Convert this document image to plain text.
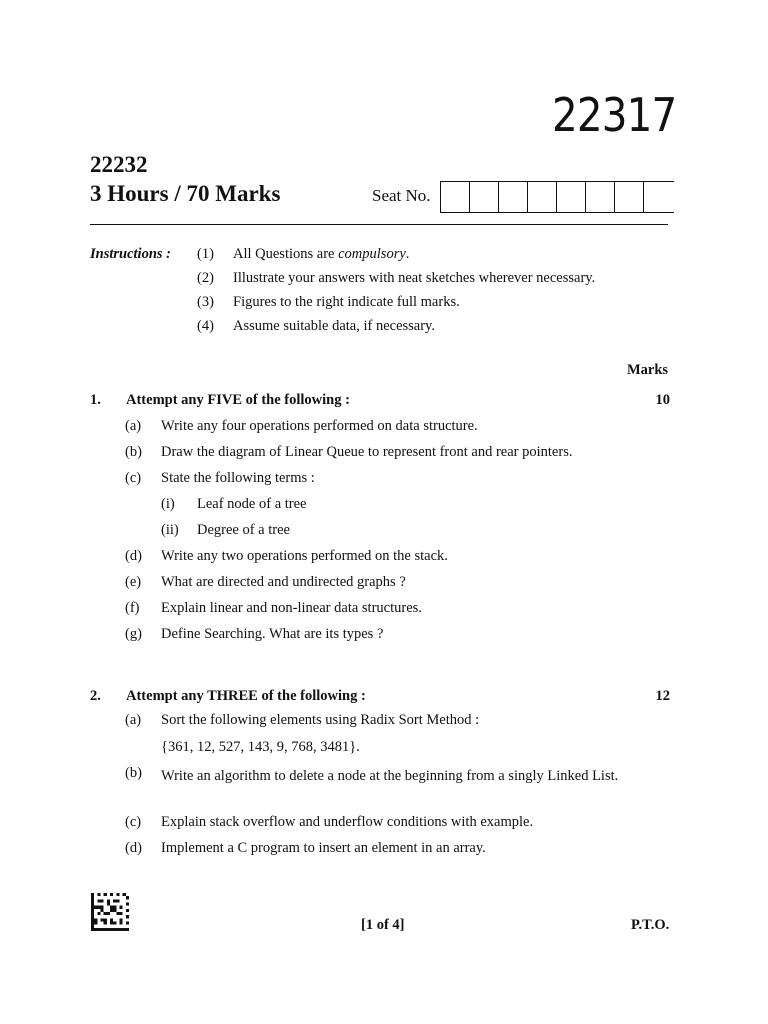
22317
22232
3 Hours / 70 Marks	Seat No.
Instructions : (1) All Questions are compulsory.
(2) Illustrate your answers with neat sketches wherever necessary.
(3) Figures to the right indicate full marks.
(4) Assume suitable data, if necessary.
Marks
1. Attempt any FIVE of the following :	10
(a) Write any four operations performed on data structure.
(b) Draw the diagram of Linear Queue to represent front and rear pointers.
(c) State the following terms :
(i) Leaf node of a tree
(ii) Degree of a tree
(d) Write any two operations performed on the stack.
(e) What are directed and undirected graphs ?
(f) Explain linear and non-linear data structures.
(g) Define Searching. What are its types ?
2. Attempt any THREE of the following :	12
(a) Sort the following elements using Radix Sort Method :
{361, 12, 527, 143, 9, 768, 3481}.
(b) Write an algorithm to delete a node at the beginning from a singly Linked List.
(c) Explain stack overflow and underflow conditions with example.
(d) Implement a C program to insert an element in an array.
[1 of 4]	P.T.O.
